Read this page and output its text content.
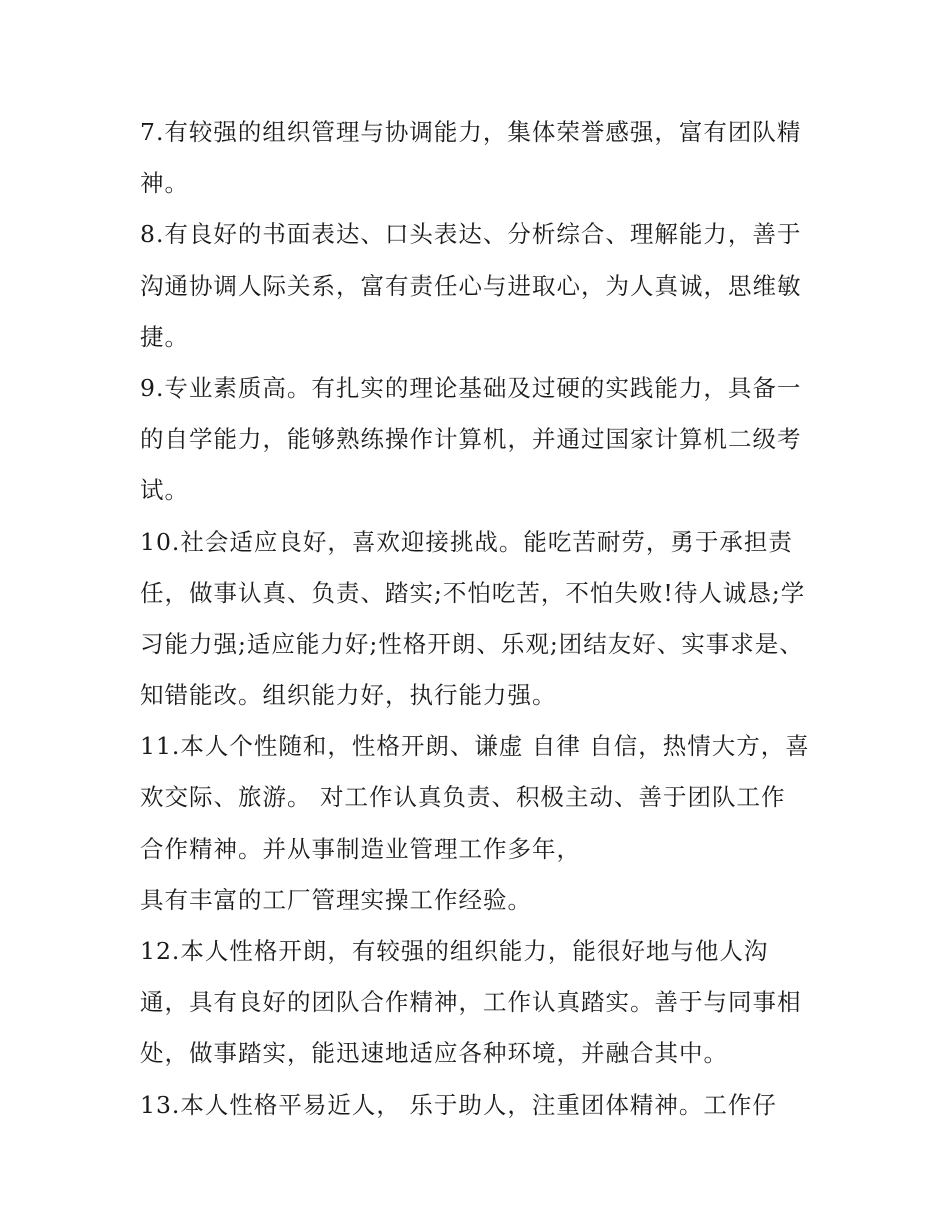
7.有较强的组织管理与协调能力，集体荣誉感强，富有团队精
神。
8.有良好的书面表达、口头表达、分析综合、理解能力，善于
沟通协调人际关系，富有责任心与进取心，为人真诚，思维敏
捷。
9.专业素质高。有扎实的理论基础及过硬的实践能力，具备一
的自学能力，能够熟练操作计算机，并通过国家计算机二级考
试。
10.社会适应良好，喜欢迎接挑战。能吃苦耐劳，勇于承担责
任，做事认真、负责、踏实;不怕吃苦，不怕失败!待人诚恳;学
习能力强;适应能力好;性格开朗、乐观;团结友好、实事求是、
知错能改。组织能力好，执行能力强。
11.本人个性随和，性格开朗、谦虚 自律 自信，热情大方，喜
欢交际、旅游。 对工作认真负责、积极主动、善于团队工作
合作精神。并从事制造业管理工作多年，
具有丰富的工厂管理实操工作经验。
12.本人性格开朗，有较强的组织能力，能很好地与他人沟
通，具有良好的团队合作精神，工作认真踏实。善于与同事相
处，做事踏实，能迅速地适应各种环境，并融合其中。
13.本人性格平易近人， 乐于助人，注重团体精神。工作仔
